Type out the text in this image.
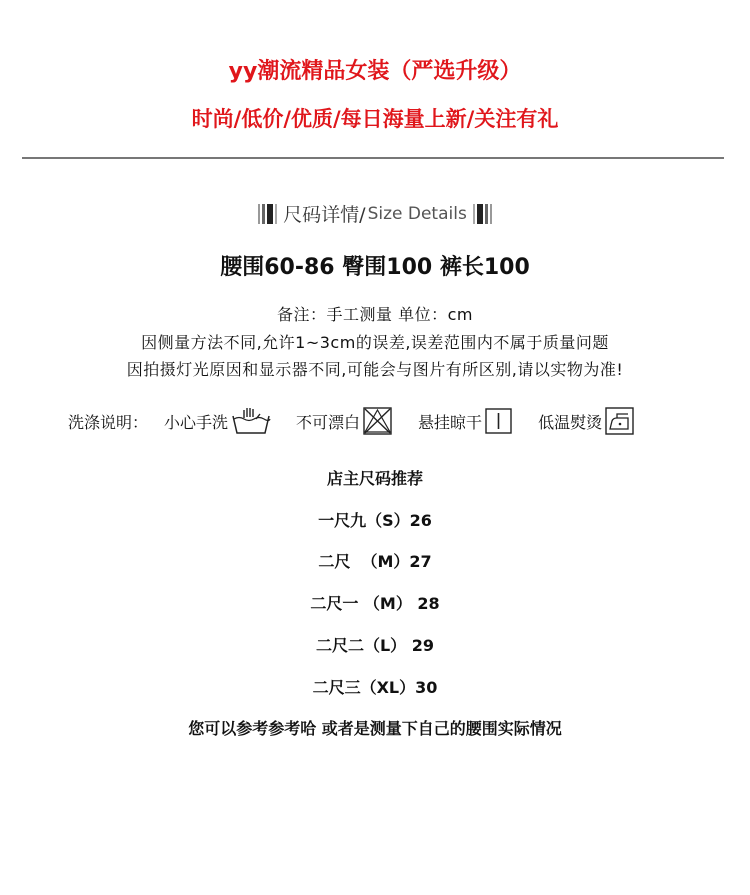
yy潮流精品女装（严选升级）
时尚/低价/优质/每日海量上新/关注有礼
尺码详情/ Size Details
腰围60-86 臀围100 裤长100
备注：手工测量 单位：cm
因侧量方法不同,允许1~3cm的误差,误差范围内不属于质量问题
因拍摄灯光原因和显示器不同,可能会与图片有所区别,请以实物为准!
洗涤说明： 小心手洗	不可漂白	悬挂晾干	低温熨烫
店主尺码推荐
一尺九（S）26
二尺  （M）27
二尺一 （M） 28
二尺二（L） 29
二尺三（XL）30
您可以参考参考哈 或者是测量下自己的腰围实际情况
